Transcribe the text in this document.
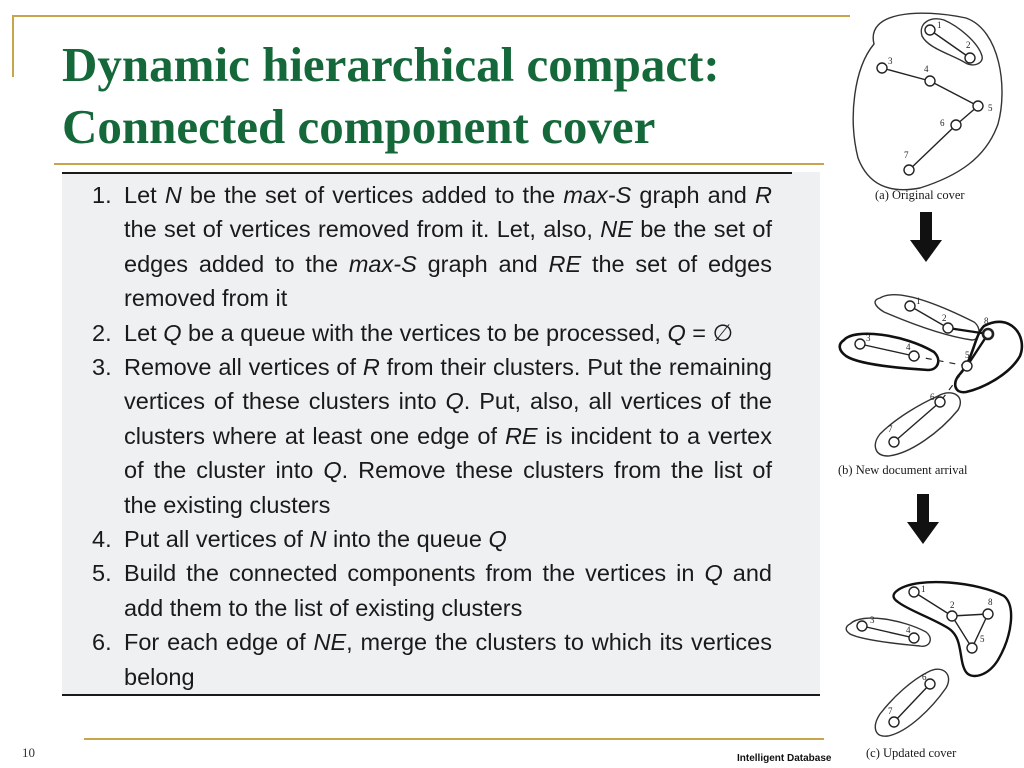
Dynamic hierarchical compact:
Connected component cover
1. Let N be the set of vertices added to the max-S graph and R the set of vertices removed from it. Let, also, NE be the set of edges added to the max-S graph and RE the set of edges removed from it
2. Let Q be a queue with the vertices to be processed, Q = ∅
3. Remove all vertices of R from their clusters. Put the remaining vertices of these clusters into Q. Put, also, all vertices of the clusters where at least one edge of RE is incident to a vertex of the cluster into Q. Remove these clusters from the list of the existing clusters
4. Put all vertices of N into the queue Q
5. Build the connected components from the vertices in Q and add them to the list of existing clusters
6. For each edge of NE, merge the clusters to which its vertices belong
1
2
3
4
5
6
7
(a) Original cover
1
2	8
3
4
5
6
7
(b) New document arrival
1
2	8
3
4
5
6
7
(c) Updated cover
10	Intelligent Database
